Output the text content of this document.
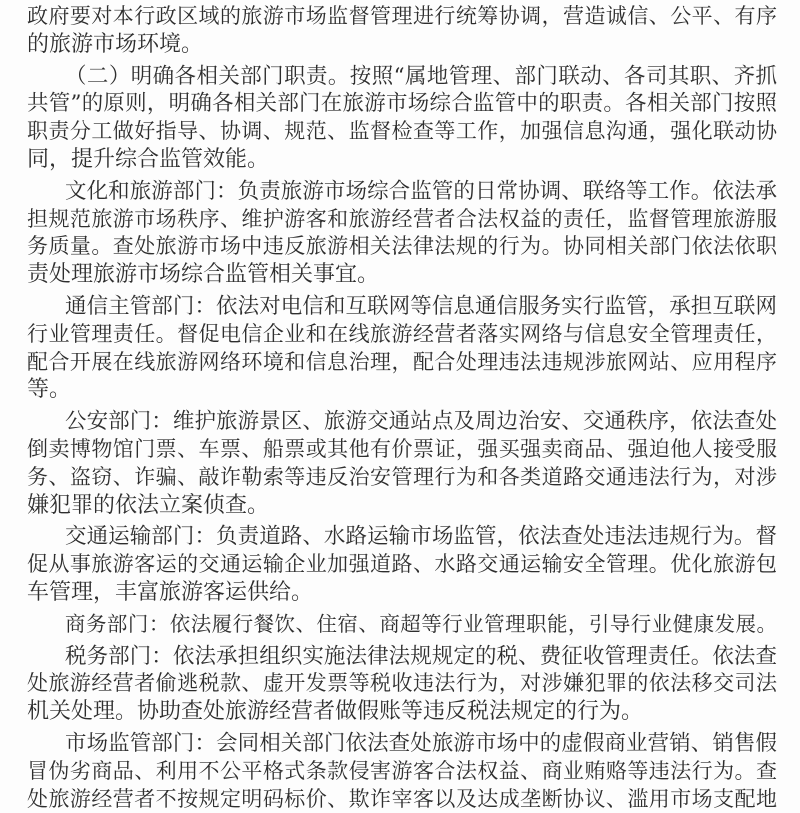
政府要对本行政区域的旅游市场监督管理进行统筹协调，营造诚信、公平、有序
的旅游市场环境。
（二）明确各相关部门职责。按照“属地管理、部门联动、各司其职、齐抓
共管”的原则，明确各相关部门在旅游市场综合监管中的职责。各相关部门按照
职责分工做好指导、协调、规范、监督检查等工作，加强信息沟通，强化联动协
同，提升综合监管效能。
文化和旅游部门：负责旅游市场综合监管的日常协调、联络等工作。依法承
担规范旅游市场秩序、维护游客和旅游经营者合法权益的责任，监督管理旅游服
务质量。查处旅游市场中违反旅游相关法律法规的行为。协同相关部门依法依职
责处理旅游市场综合监管相关事宜。
通信主管部门：依法对电信和互联网等信息通信服务实行监管，承担互联网
行业管理责任。督促电信企业和在线旅游经营者落实网络与信息安全管理责任，
配合开展在线旅游网络环境和信息治理，配合处理违法违规涉旅网站、应用程序
等。
公安部门：维护旅游景区、旅游交通站点及周边治安、交通秩序，依法查处
倒卖博物馆门票、车票、船票或其他有价票证，强买强卖商品、强迫他人接受服
务、盗窃、诈骗、敲诈勒索等违反治安管理行为和各类道路交通违法行为，对涉
嫌犯罪的依法立案侦查。
交通运输部门：负责道路、水路运输市场监管，依法查处违法违规行为。督
促从事旅游客运的交通运输企业加强道路、水路交通运输安全管理。优化旅游包
车管理，丰富旅游客运供给。
商务部门：依法履行餐饮、住宿、商超等行业管理职能，引导行业健康发展。
税务部门：依法承担组织实施法律法规规定的税、费征收管理责任。依法查
处旅游经营者偷逃税款、虚开发票等税收违法行为，对涉嫌犯罪的依法移交司法
机关处理。协助查处旅游经营者做假账等违反税法规定的行为。
市场监管部门：会同相关部门依法查处旅游市场中的虚假商业营销、销售假
冒伪劣商品、利用不公平格式条款侵害游客合法权益、商业贿赂等违法行为。查
处旅游经营者不按规定明码标价、欺诈宰客以及达成垄断协议、滥用市场支配地
